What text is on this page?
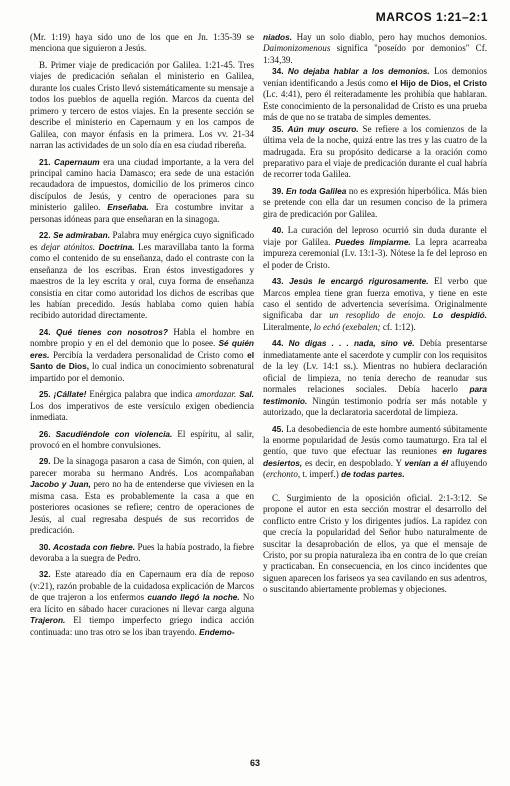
MARCOS 1:21–2:1

(Mr. 1:19) haya sido uno de los que en Jn. 1:35-39 se menciona que siguieron a Jesús.

B. Primer viaje de predicación por Galilea. 1:21-45. Tres viajes de predicación señalan el ministerio en Galilea, durante los cuales Cristo llevó sistemáticamente su mensaje a todos los pueblos de aquella región. Marcos da cuenta del primero y tercero de estos viajes. En la presente sección se describe el ministerio en Capernaum y en los campos de Galilea, con mayor énfasis en la primera. Los vv. 21-34 narran las actividades de un solo día en esa ciudad ribereña.

21. Capernaum era una ciudad importante, a la vera del principal camino hacia Damasco; era sede de una estación recaudadora de impuestos, domicilio de los primeros cinco discípulos de Jesús, y centro de operaciones para su ministerio galileo. Enseñaba. Era costumbre invitar a personas idóneas para que enseñaran en la sinagoga.

22. Se admiraban. Palabra muy enérgica cuyo significado es dejar atónitos. Doctrina. Les maravillaba tanto la forma como el contenido de su enseñanza, dado el contraste con la enseñanza de los escribas. Eran éstos investigadores y maestros de la ley escrita y oral, cuya forma de enseñanza consistía en citar como autoridad los dichos de escribas que les habían precedido. Jesús hablaba como quien había recibido autoridad directamente.

24. Qué tienes con nosotros? Habla el hombre en nombre propio y en el del demonio que lo posee. Sé quién eres. Percibía la verdadera personalidad de Cristo como el Santo de Dios, lo cual indica un conocimiento sobrenatural impartido por el demonio.

25. ¡Cállate! Enérgica palabra que indica amordazar. Sal. Los dos imperativos de este versículo exigen obediencia inmediata.

26. Sacudiéndole con violencia. El espíritu, al salir, provocó en el hombre convulsiones.

29. De la sinagoga pasaron a casa de Simón, con quien, al parecer moraba su hermano Andrés. Los acompañaban Jacobo y Juan, pero no ha de entenderse que viviesen en la misma casa. Esta es probablemente la casa a que en posteriores ocasiones se refiere; centro de operaciones de Jesús, al cual regresaba después de sus recorridos de predicación.

30. Acostada con fiebre. Pues la había postrado, la fiebre devoraba a la suegra de Pedro.

32. Este atareado día en Capernaum era día de reposo (v:21), razón probable de la cuidadosa explicación de Marcos de que trajeron a los enfermos cuando llegó la noche. No era lícito en sábado hacer curaciones ni llevar carga alguna Trajeron. El tiempo imperfecto griego indica acción continuada: uno tras otro se los iban trayendo. Endemo-

niados. Hay un solo diablo, pero hay muchos demonios. Daimonizomenous significa "poseído por demonios" Cf. 1:34,39.

34. No dejaba hablar a los demonios. Los demonios venían identificando a Jesús como el Hijo de Dios, el Cristo (Lc. 4:41), pero él reiteradamente les prohibía que hablaran. Este conocimiento de la personalidad de Cristo es una prueba más de que no se trataba de simples dementes.

35. Aún muy oscuro. Se refiere a los comienzos de la última vela de la noche, quizá entre las tres y las cuatro de la madrugada. Era su propósito dedicarse a la oración como preparativo para el viaje de predicación durante el cual habría de recorrer toda Galilea.

39. En toda Galilea no es expresión hiperbólica. Más bien se pretende con ella dar un resumen conciso de la primera gira de predicación por Galilea.

40. La curación del leproso ocurrió sin duda durante el viaje por Galilea. Puedes limpiarme. La lepra acarreaba impureza ceremonial (Lv. 13:1-3). Nótese la fe del leproso en el poder de Cristo.

43. Jesús le encargó rigurosamente. El verbo que Marcos emplea tiene gran fuerza emotiva, y tiene en este caso el sentido de advertencia severísima. Originalmente significaba dar un resoplido de enojo. Lo despidió. Literalmente, lo echó (exebalen; cf. 1:12).

44. No digas . . . nada, sino vé. Debía presentarse inmediatamente ante el sacerdote y cumplir con los requisitos de la ley (Lv. 14:1 ss.). Mientras no hubiera declaración oficial de limpieza, no tenía derecho de reanudar sus normales relaciones sociales. Debía hacerlo para testimonio. Ningún testimonio podría ser más notable y autorizado, que la declaratoria sacerdotal de limpieza.

45. La desobediencia de este hombre aumentó súbitamente la enorme popularidad de Jesús como taumaturgo. Era tal el gentío, que tuvo que efectuar las reuniones en lugares desiertos, es decir, en despoblado. Y venían a él afluyendo (erchonto, t. imperf.) de todas partes.

C. Surgimiento de la oposición oficial. 2:1-3:12. Se propone el autor en esta sección mostrar el desarrollo del conflicto entre Cristo y los dirigentes judíos. La rapidez con que crecía la popularidad del Señor hubo naturalmente de suscitar la desaprobación de ellos, ya que el mensaje de Cristo, por su propia naturaleza iba en contra de lo que creían y practicaban. En consecuencia, en los cinco incidentes que siguen aparecen los fariseos ya sea cavilando en sus adentros, o suscitando abiertamente problemas y objeciones.

63
